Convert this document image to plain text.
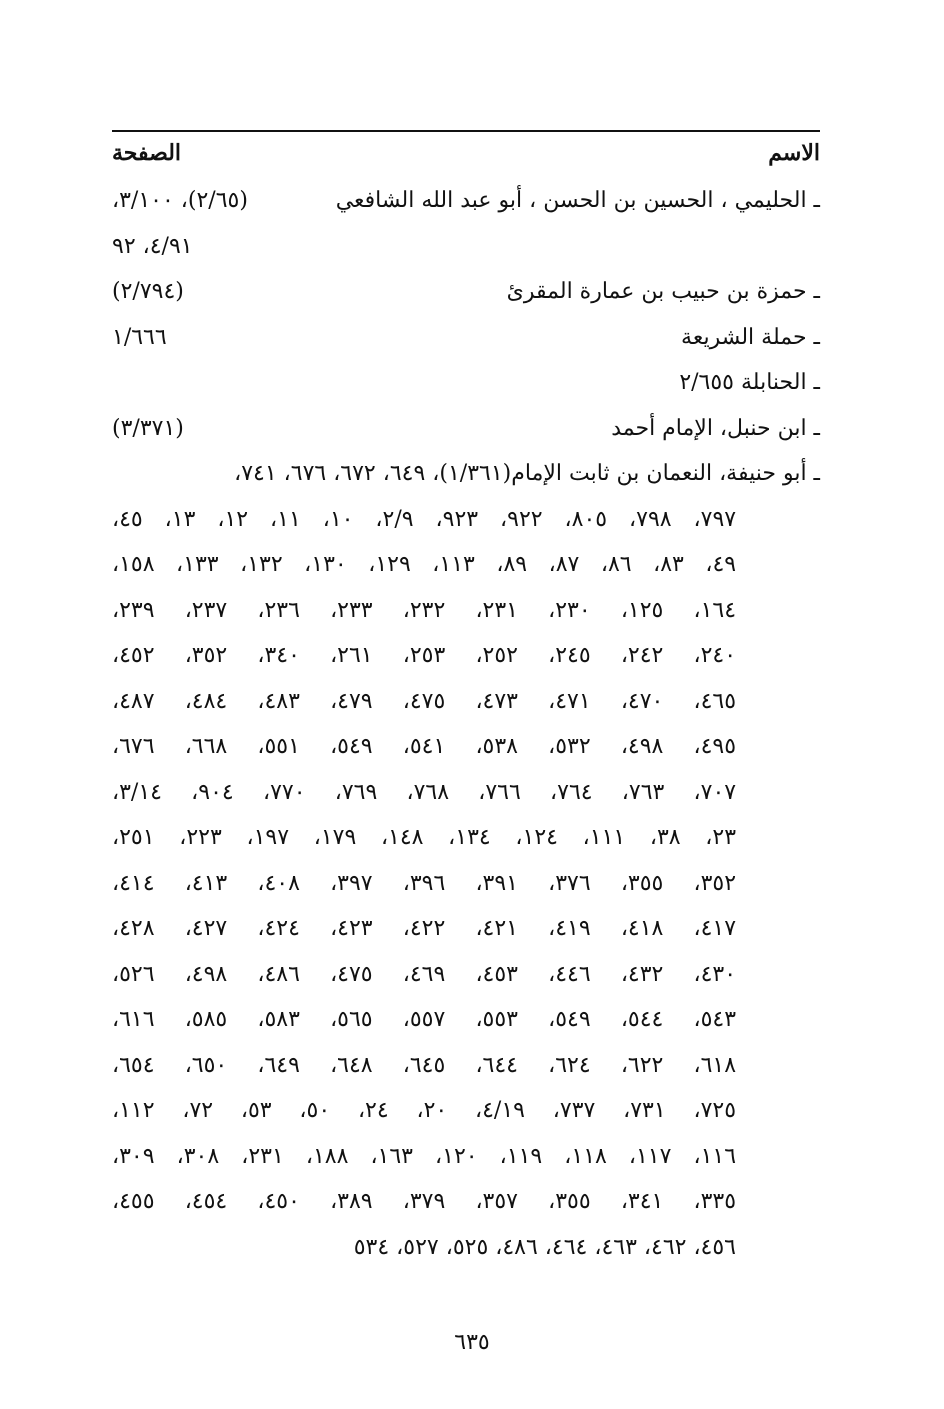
الاسم
الصفحة
ـ الحليمي ، الحسين بن الحسن ، أبو عبد الله الشافعي
(٢/٦٥)، ٣/١٠٠،
٤/٩١، ٩٢
ـ حمزة بن حبيب بن عمارة المقرئ
(٢/٧٩٤)
ـ حملة الشريعة
١/٦٦٦
ـ الحنابلة ٢/٦٥٥
ـ ابن حنبل، الإمام أحمد
(٣/٣٧١)
ـ أبو حنيفة، النعمان بن ثابت الإمام(١/٣٦١)، ٦٤٩، ٦٧٢، ٦٧٦، ٧٤١،
٧٩٧، ٧٩٨، ٨٠٥، ٩٢٢، ٩٢٣، ٢/٩، ١٠، ١١، ١٢، ١٣، ٤٥،
٤٩، ٨٣، ٨٦، ٨٧، ٨٩، ١١٣، ١٢٩، ١٣٠، ١٣٢، ١٣٣، ١٥٨،
١٦٤، ١٢٥، ٢٣٠، ٢٣١، ٢٣٢، ٢٣٣، ٢٣٦، ٢٣٧، ٢٣٩،
٢٤٠، ٢٤٢، ٢٤٥، ٢٥٢، ٢٥٣، ٢٦١، ٣٤٠، ٣٥٢، ٤٥٢،
٤٦٥، ٤٧٠، ٤٧١، ٤٧٣، ٤٧٥، ٤٧٩، ٤٨٣، ٤٨٤، ٤٨٧،
٤٩٥، ٤٩٨، ٥٣٢، ٥٣٨، ٥٤١، ٥٤٩، ٥٥١، ٦٦٨، ٦٧٦،
٧٠٧، ٧٦٣، ٧٦٤، ٧٦٦، ٧٦٨، ٧٦٩، ٧٧٠، ٩٠٤، ٣/١٤،
٢٣، ٣٨، ١١١، ١٢٤، ١٣٤، ١٤٨، ١٧٩، ١٩٧، ٢٢٣، ٢٥١،
٣٥٢، ٣٥٥، ٣٧٦، ٣٩١، ٣٩٦، ٣٩٧، ٤٠٨، ٤١٣، ٤١٤،
٤١٧، ٤١٨، ٤١٩، ٤٢١، ٤٢٢، ٤٢٣، ٤٢٤، ٤٢٧، ٤٢٨،
٤٣٠، ٤٣٢، ٤٤٦، ٤٥٣، ٤٦٩، ٤٧٥، ٤٨٦، ٤٩٨، ٥٢٦،
٥٤٣، ٥٤٤، ٥٤٩، ٥٥٣، ٥٥٧، ٥٦٥، ٥٨٣، ٥٨٥، ٦١٦،
٦١٨، ٦٢٢، ٦٢٤، ٦٤٤، ٦٤٥، ٦٤٨، ٦٤٩، ٦٥٠، ٦٥٤،
٧٢٥، ٧٣١، ٧٣٧، ٤/١٩، ٢٠، ٢٤، ٥٠، ٥٣، ٧٢، ١١٢،
١١٦، ١١٧، ١١٨، ١١٩، ١٢٠، ١٦٣، ١٨٨، ٢٣١، ٣٠٨، ٣٠٩،
٣٣٥، ٣٤١، ٣٥٥، ٣٥٧، ٣٧٩، ٣٨٩، ٤٥٠، ٤٥٤، ٤٥٥،
٤٥٦، ٤٦٢، ٤٦٣، ٤٦٤، ٤٨٦، ٥٢٥، ٥٢٧، ٥٣٤
٦٣٥
